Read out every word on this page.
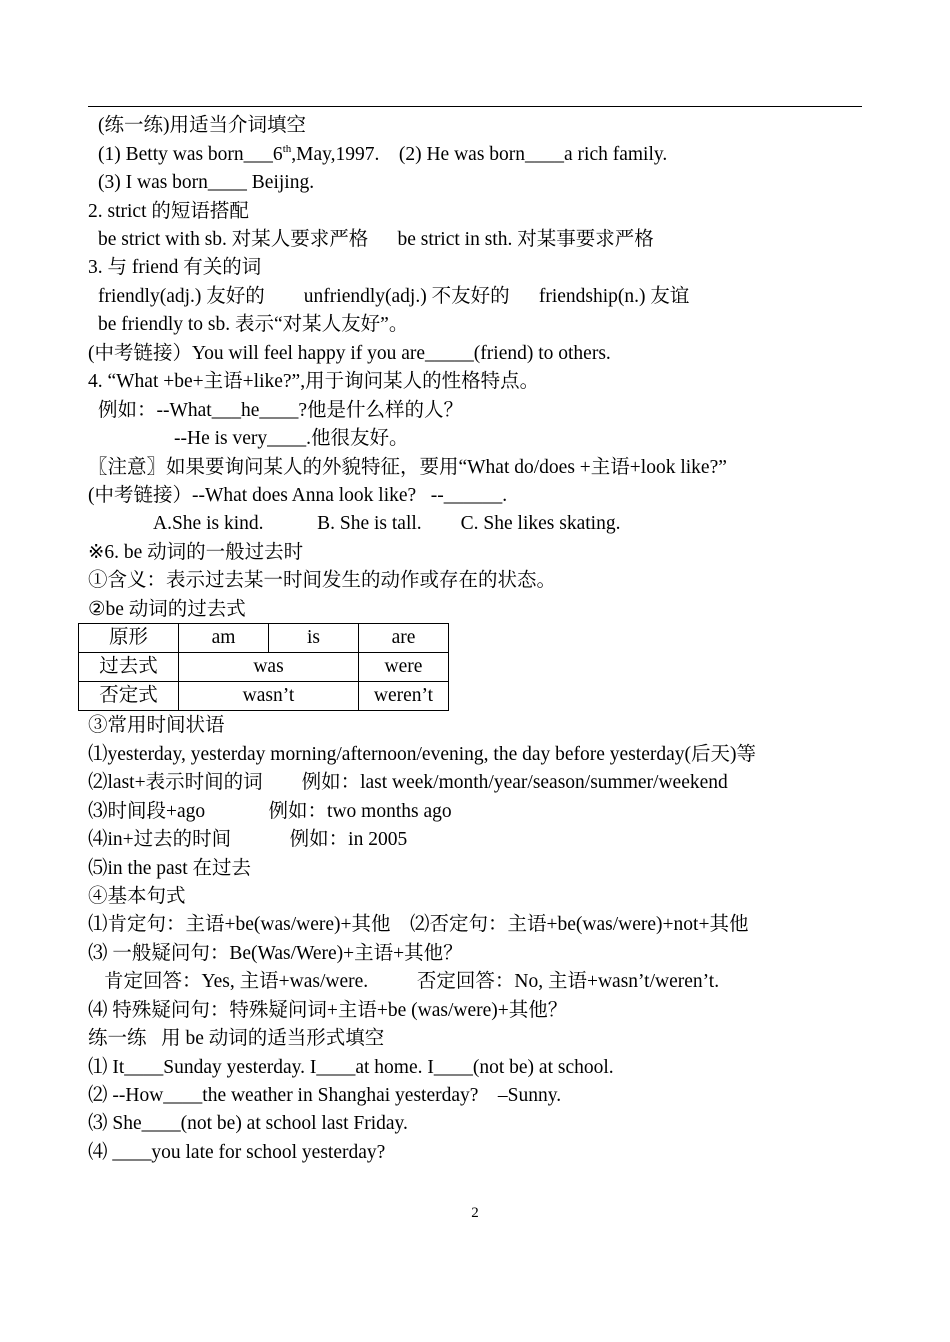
(练一练)用适当介词填空
(1) Betty was born___6th,May,1997.    (2) He was born____a rich family.
(3) I was born____ Beijing.
2. strict 的短语搭配
be strict with sb. 对某人要求严格      be strict in sth. 对某事要求严格
3. 与 friend 有关的词
friendly(adj.) 友好的        unfriendly(adj.) 不友好的      friendship(n.) 友谊
be friendly to sb. 表示“对某人友好”。
(中考链接）You will feel happy if you are_____(friend) to others.
4. “What +be+主语+like?”,用于询问某人的性格特点。
例如：--What___he____?他是什么样的人？
--He is very____.他很友好。
〖注意〗如果要询问某人的外貌特征，要用“What do/does +主语+look like?”
(中考链接）--What does Anna look like?   --______.
A.She is kind.           B. She is tall.        C. She likes skating.
※6. be 动词的一般过去时
①含义：表示过去某一时间发生的动作或存在的状态。
②be 动词的过去式
原形	am	is	are
过去式	was		were
否定式	wasn’t		weren’t
③常用时间状语
⑴yesterday, yesterday morning/afternoon/evening, the day before yesterday(后天)等
⑵last+表示时间的词        例如：last week/month/year/season/summer/weekend
⑶时间段+ago             例如：two months ago
⑷in+过去的时间            例如：in 2005
⑸in the past 在过去
④基本句式
⑴肯定句：主语+be(was/were)+其他    ⑵否定句：主语+be(was/were)+not+其他
⑶ 一般疑问句：Be(Was/Were)+主语+其他？
肯定回答：Yes, 主语+was/were.          否定回答：No, 主语+wasn’t/weren’t.
⑷ 特殊疑问句：特殊疑问词+主语+be (was/were)+其他？
练一练   用 be 动词的适当形式填空
⑴ It____Sunday yesterday. I____at home. I____(not be) at school.
⑵ --How____the weather in Shanghai yesterday?    –Sunny.
⑶ She____(not be) at school last Friday.
⑷ ____you late for school yesterday?
2
